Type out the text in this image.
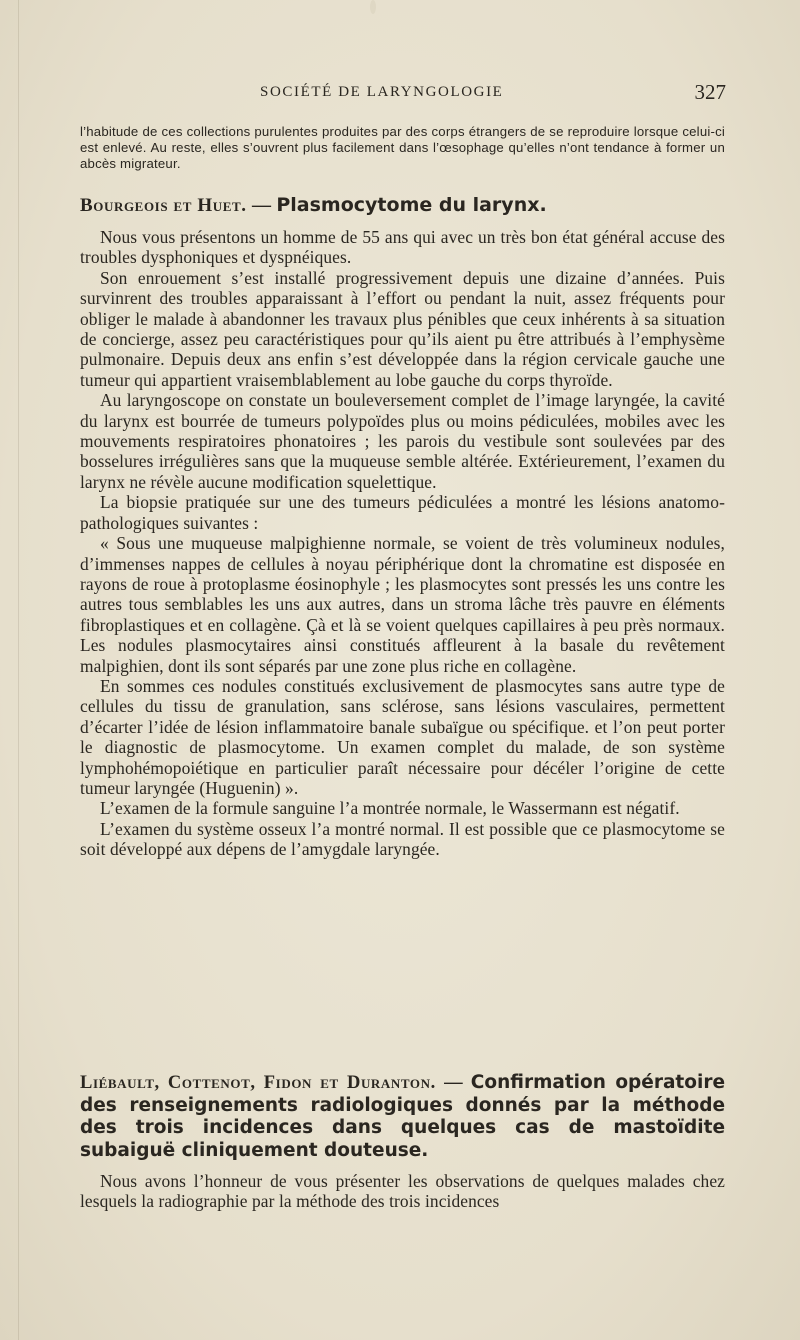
SOCIÉTÉ DE LARYNGOLOGIE	327
l’habitude de ces collections purulentes produites par des corps étrangers de se reproduire lorsque celui-ci est enlevé. Au reste, elles s’ouvrent plus facilement dans l’œsophage qu’elles n’ont tendance à former un abcès migrateur.
Bourgeois et Huet. — Plasmocytome du larynx.

Nous vous présentons un homme de 55 ans qui avec un très bon état général accuse des troubles dysphoniques et dyspnéiques.

Son enrouement s’est installé progressivement depuis une dizaine d’années. Puis survinrent des troubles apparaissant à l’effort ou pendant la nuit, assez fréquents pour obliger le malade à abandonner les travaux plus pénibles que ceux inhérents à sa situation de concierge, assez peu caractéristiques pour qu’ils aient pu être attribués à l’emphysème pulmonaire. Depuis deux ans enfin s’est développée dans la région cervicale gauche une tumeur qui appartient vraisemblablement au lobe gauche du corps thyroïde.

Au laryngoscope on constate un bouleversement complet de l’image laryngée, la cavité du larynx est bourrée de tumeurs polypoïdes plus ou moins pédiculées, mobiles avec les mouvements respiratoires phonatoires ; les parois du vestibule sont soulevées par des bosselures irrégulières sans que la muqueuse semble altérée. Extérieurement, l’examen du larynx ne révèle aucune modification squelettique.

La biopsie pratiquée sur une des tumeurs pédiculées a montré les lésions anatomo-pathologiques suivantes :

« Sous une muqueuse malpighienne normale, se voient de très volumineux nodules, d’immenses nappes de cellules à noyau périphérique dont la chromatine est disposée en rayons de roue à protoplasme éosinophyle ; les plasmocytes sont pressés les uns contre les autres tous semblables les uns aux autres, dans un stroma lâche très pauvre en éléments fibroplastiques et en collagène. Çà et là se voient quelques capillaires à peu près normaux. Les nodules plasmocytaires ainsi constitués affleurent à la basale du revêtement malpighien, dont ils sont séparés par une zone plus riche en collagène.

En sommes ces nodules constitués exclusivement de plasmocytes sans autre type de cellules du tissu de granulation, sans sclérose, sans lésions vasculaires, permettent d’écarter l’idée de lésion inflammatoire banale subaïgue ou spécifique. et l’on peut porter le diagnostic de plasmocytome. Un examen complet du malade, de son système lymphohémopoiétique en particulier paraît nécessaire pour décéler l’origine de cette tumeur laryngée (Huguenin) ».

L’examen de la formule sanguine l’a montrée normale, le Wassermann est négatif.

L’examen du système osseux l’a montré normal. Il est possible que ce plasmocytome se soit développé aux dépens de l’amygdale laryngée.

Liébault, Cottenot, Fidon et Duranton. — Confirmation opératoire des renseignements radiologiques donnés par la méthode des trois incidences dans quelques cas de mastoïdite subaiguë cliniquement douteuse.

Nous avons l’honneur de vous présenter les observations de quelques malades chez lesquels la radiographie par la méthode des trois incidences
